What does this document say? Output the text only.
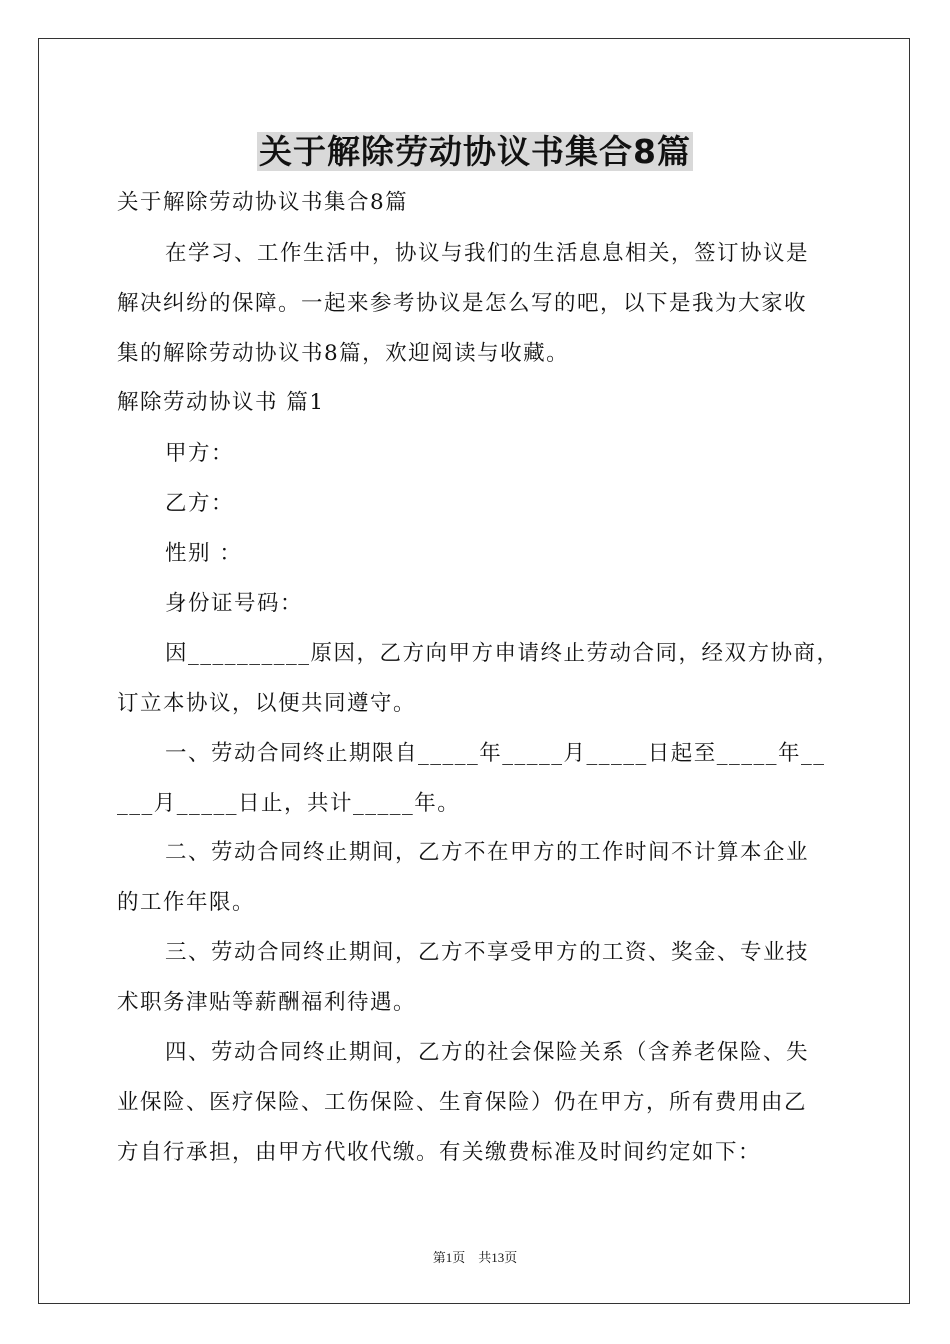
关于解除劳动协议书集合8篇
关于解除劳动协议书集合8篇
在学习、工作生活中，协议与我们的生活息息相关，签订协议是
解决纠纷的保障。一起来参考协议是怎么写的吧，以下是我为大家收
集的解除劳动协议书8篇，欢迎阅读与收藏。
解除劳动协议书 篇1
甲方：
乙方：
性别 ：
身份证号码：
因__________原因，乙方向甲方申请终止劳动合同，经双方协商，
订立本协议，以便共同遵守。
一、劳动合同终止期限自_____年_____月_____日起至_____年__
___月_____日止，共计_____年。
二、劳动合同终止期间，乙方不在甲方的工作时间不计算本企业
的工作年限。
三、劳动合同终止期间，乙方不享受甲方的工资、奖金、专业技
术职务津贴等薪酬福利待遇。
四、劳动合同终止期间，乙方的社会保险关系（含养老保险、失
业保险、医疗保险、工伤保险、生育保险）仍在甲方，所有费用由乙
方自行承担，由甲方代收代缴。有关缴费标准及时间约定如下：
第1页　共13页
